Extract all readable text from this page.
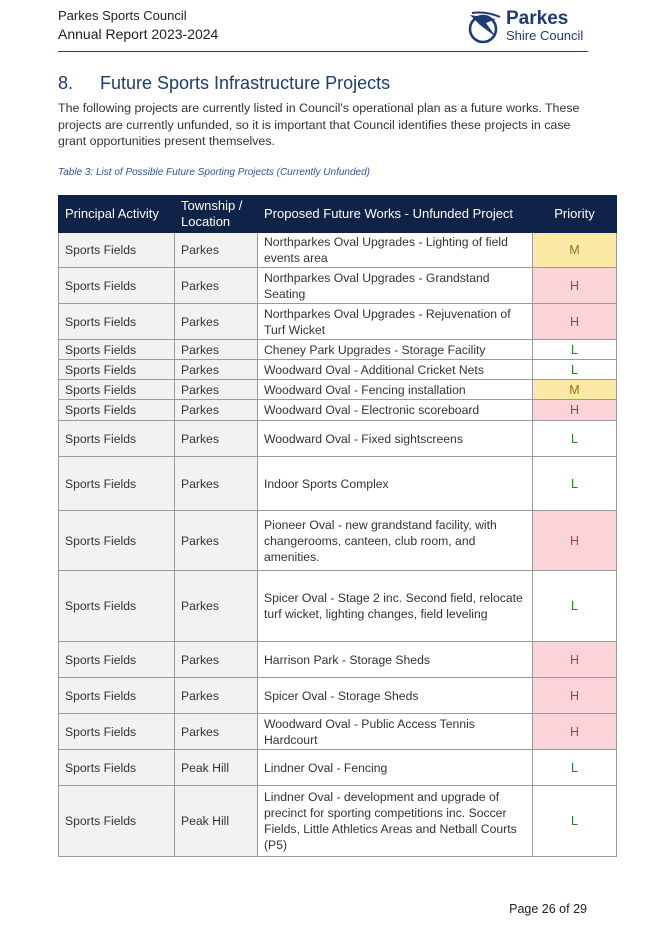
Parkes Sports Council
Annual Report 2023-2024
Parkes
Shire Council
8. Future Sports Infrastructure Projects

The following projects are currently listed in Council's operational plan as a future works. These projects are currently unfunded, so it is important that Council identifies these projects in case grant opportunities present themselves.

Table 3: List of Possible Future Sporting Projects (Currently Unfunded)
Principal Activity	Township / Location	Proposed Future Works - Unfunded Project	Priority
Sports Fields	Parkes	Northparkes Oval Upgrades - Lighting of field events area	M
Sports Fields	Parkes	Northparkes Oval Upgrades - Grandstand Seating	H
Sports Fields	Parkes	Northparkes Oval Upgrades - Rejuvenation of Turf Wicket	H
Sports Fields	Parkes	Cheney Park Upgrades - Storage Facility	L
Sports Fields	Parkes	Woodward Oval - Additional Cricket Nets	L
Sports Fields	Parkes	Woodward Oval - Fencing installation	M
Sports Fields	Parkes	Woodward Oval - Electronic scoreboard	H
Sports Fields	Parkes	Woodward Oval - Fixed sightscreens	L
Sports Fields	Parkes	Indoor Sports Complex	L
Sports Fields	Parkes	Pioneer Oval - new grandstand facility, with changerooms, canteen, club room, and amenities.	H
Sports Fields	Parkes	Spicer Oval - Stage 2 inc. Second field, relocate turf wicket, lighting changes, field leveling	L
Sports Fields	Parkes	Harrison Park - Storage Sheds	H
Sports Fields	Parkes	Spicer Oval - Storage Sheds	H
Sports Fields	Parkes	Woodward Oval - Public Access Tennis Hardcourt	H
Sports Fields	Peak Hill	Lindner Oval - Fencing	L
Sports Fields	Peak Hill	Lindner Oval - development and upgrade of precinct for sporting competitions inc. Soccer Fields, Little Athletics Areas and Netball Courts (P5)	L
Page 26 of 29
